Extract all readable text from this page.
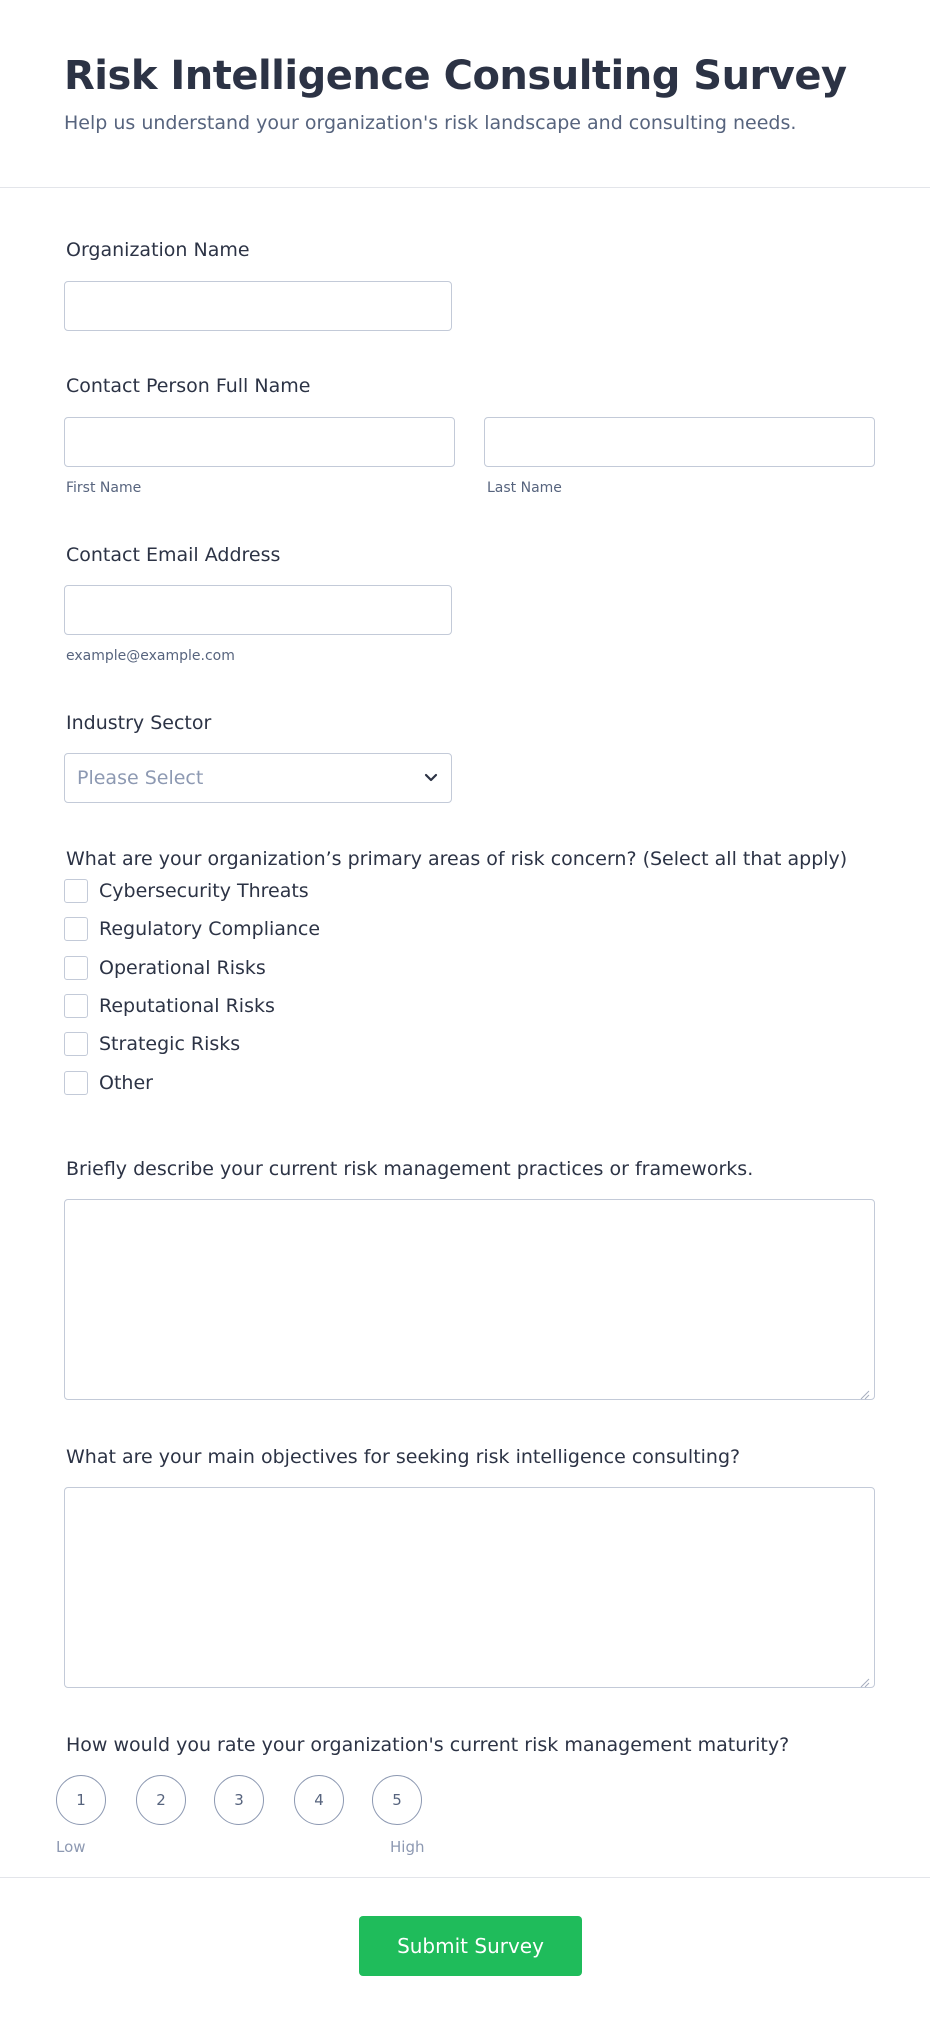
Risk Intelligence Consulting Survey
Help us understand your organization's risk landscape and consulting needs.
Organization Name
Contact Person Full Name
First Name	Last Name
Contact Email Address
example@example.com
Industry Sector
Please Select
What are your organization’s primary areas of risk concern? (Select all that apply)
Cybersecurity Threats
Regulatory Compliance
Operational Risks
Reputational Risks
Strategic Risks
Other
Briefly describe your current risk management practices or frameworks.
What are your main objectives for seeking risk intelligence consulting?
How would you rate your organization's current risk management maturity?
1	2	3	4	5
Low	High
Submit Survey
